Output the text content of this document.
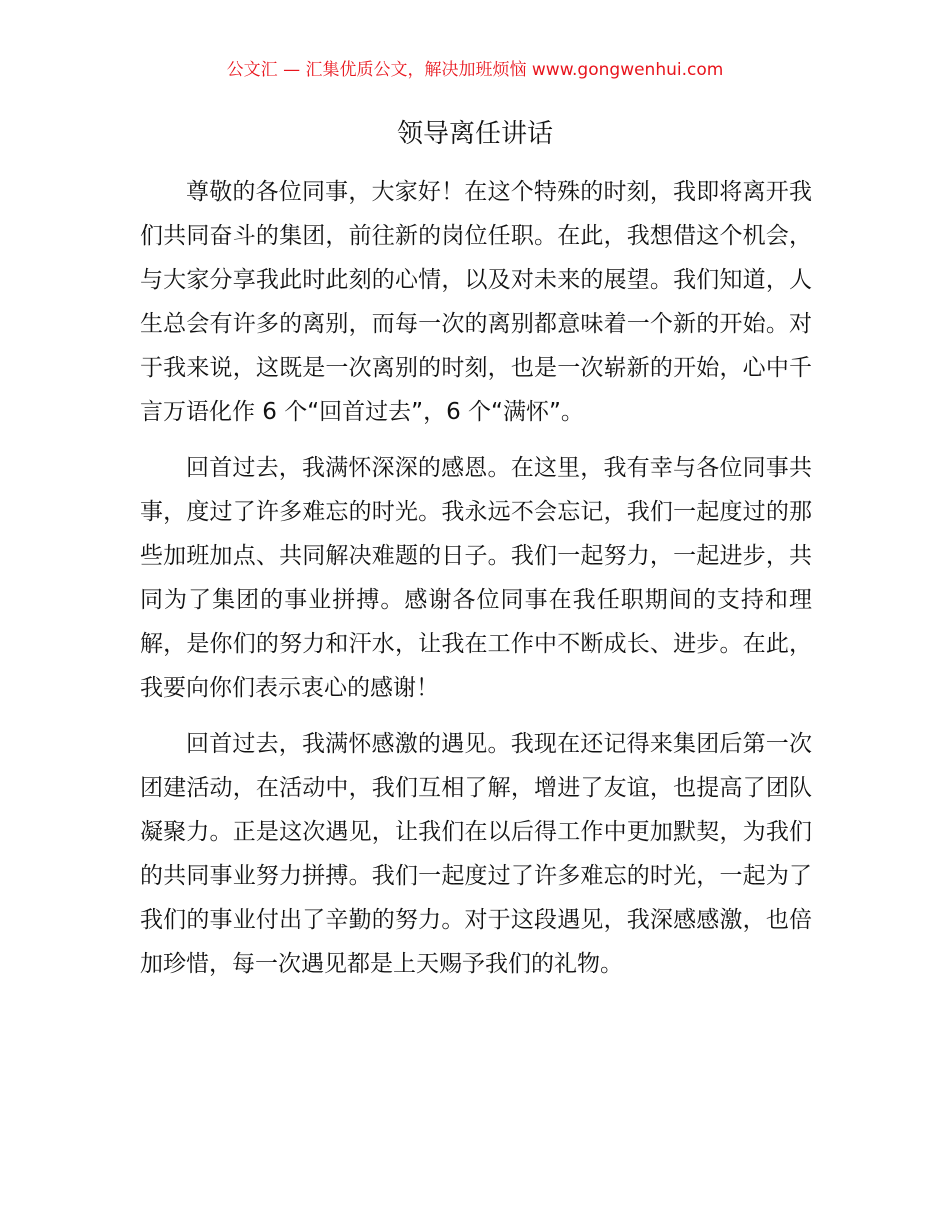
公文汇 — 汇集优质公文，解决加班烦恼 www.gongwenhui.com
领导离任讲话

尊敬的各位同事，大家好！在这个特殊的时刻，我即将离开我们共同奋斗的集团，前往新的岗位任职。在此，我想借这个机会，与大家分享我此时此刻的心情，以及对未来的展望。我们知道，人生总会有许多的离别，而每一次的离别都意味着一个新的开始。对于我来说，这既是一次离别的时刻，也是一次崭新的开始，心中千言万语化作 6 个“回首过去”，6 个“满怀”。

回首过去，我满怀深深的感恩。在这里，我有幸与各位同事共事，度过了许多难忘的时光。我永远不会忘记，我们一起度过的那些加班加点、共同解决难题的日子。我们一起努力，一起进步，共同为了集团的事业拼搏。感谢各位同事在我任职期间的支持和理解，是你们的努力和汗水，让我在工作中不断成长、进步。在此，我要向你们表示衷心的感谢！

回首过去，我满怀感激的遇见。我现在还记得来集团后第一次团建活动，在活动中，我们互相了解，增进了友谊，也提高了团队凝聚力。正是这次遇见，让我们在以后得工作中更加默契，为我们的共同事业努力拼搏。我们一起度过了许多难忘的时光，一起为了我们的事业付出了辛勤的努力。对于这段遇见，我深感感激，也倍加珍惜，每一次遇见都是上天赐予我们的礼物。
